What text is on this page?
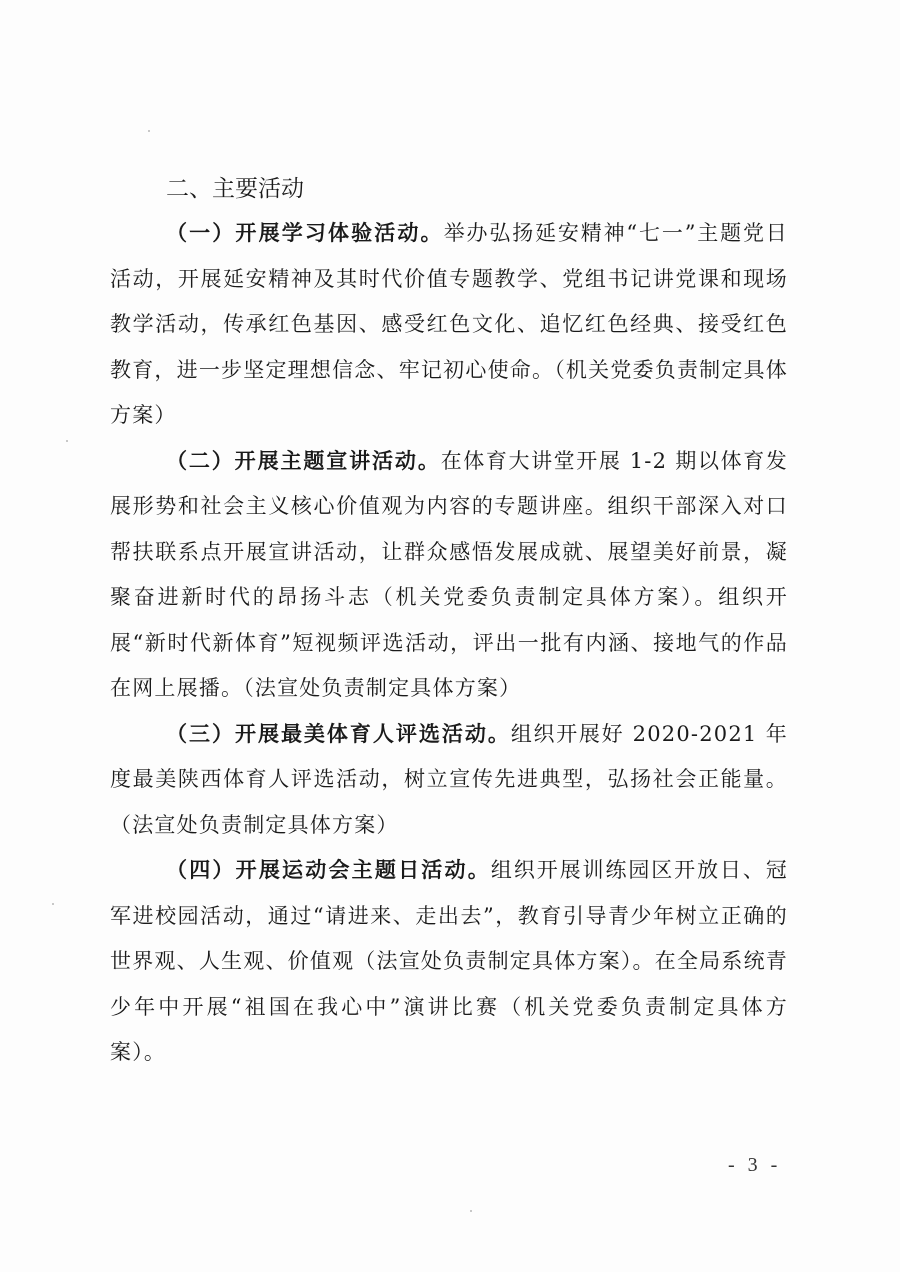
二、主要活动

（一）开展学习体验活动。举办弘扬延安精神“七一”主题党日活动，开展延安精神及其时代价值专题教学、党组书记讲党课和现场教学活动，传承红色基因、感受红色文化、追忆红色经典、接受红色教育，进一步坚定理想信念、牢记初心使命。（机关党委负责制定具体方案）

（二）开展主题宣讲活动。在体育大讲堂开展 1-2 期以体育发展形势和社会主义核心价值观为内容的专题讲座。组织干部深入对口帮扶联系点开展宣讲活动，让群众感悟发展成就、展望美好前景，凝聚奋进新时代的昂扬斗志（机关党委负责制定具体方案）。组织开展“新时代新体育”短视频评选活动，评出一批有内涵、接地气的作品在网上展播。（法宣处负责制定具体方案）

（三）开展最美体育人评选活动。组织开展好 2020-2021 年度最美陕西体育人评选活动，树立宣传先进典型，弘扬社会正能量。（法宣处负责制定具体方案）

（四）开展运动会主题日活动。组织开展训练园区开放日、冠军进校园活动，通过“请进来、走出去”，教育引导青少年树立正确的世界观、人生观、价值观（法宣处负责制定具体方案）。在全局系统青少年中开展“祖国在我心中”演讲比赛（机关党委负责制定具体方案）。

- 3 -
